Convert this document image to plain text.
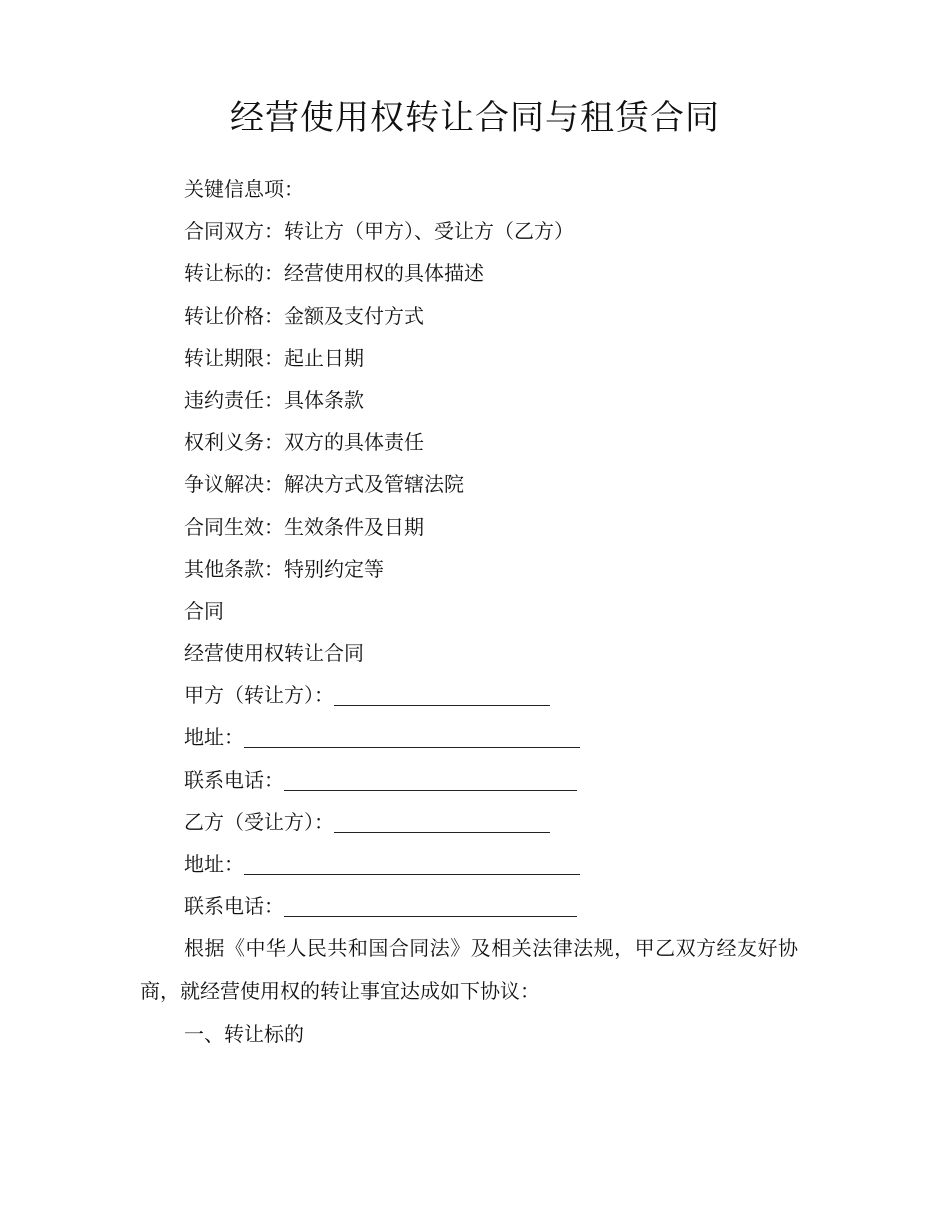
经营使用权转让合同与租赁合同
关键信息项：
合同双方：转让方（甲方）、受让方（乙方）
转让标的：经营使用权的具体描述
转让价格：金额及支付方式
转让期限：起止日期
违约责任：具体条款
权利义务：双方的具体责任
争议解决：解决方式及管辖法院
合同生效：生效条件及日期
其他条款：特别约定等
合同
经营使用权转让合同
甲方（转让方）：
地址：
联系电话：
乙方（受让方）：
地址：
联系电话：
根据《中华人民共和国合同法》及相关法律法规，甲乙双方经友好协商，就经营使用权的转让事宜达成如下协议：
一、转让标的
